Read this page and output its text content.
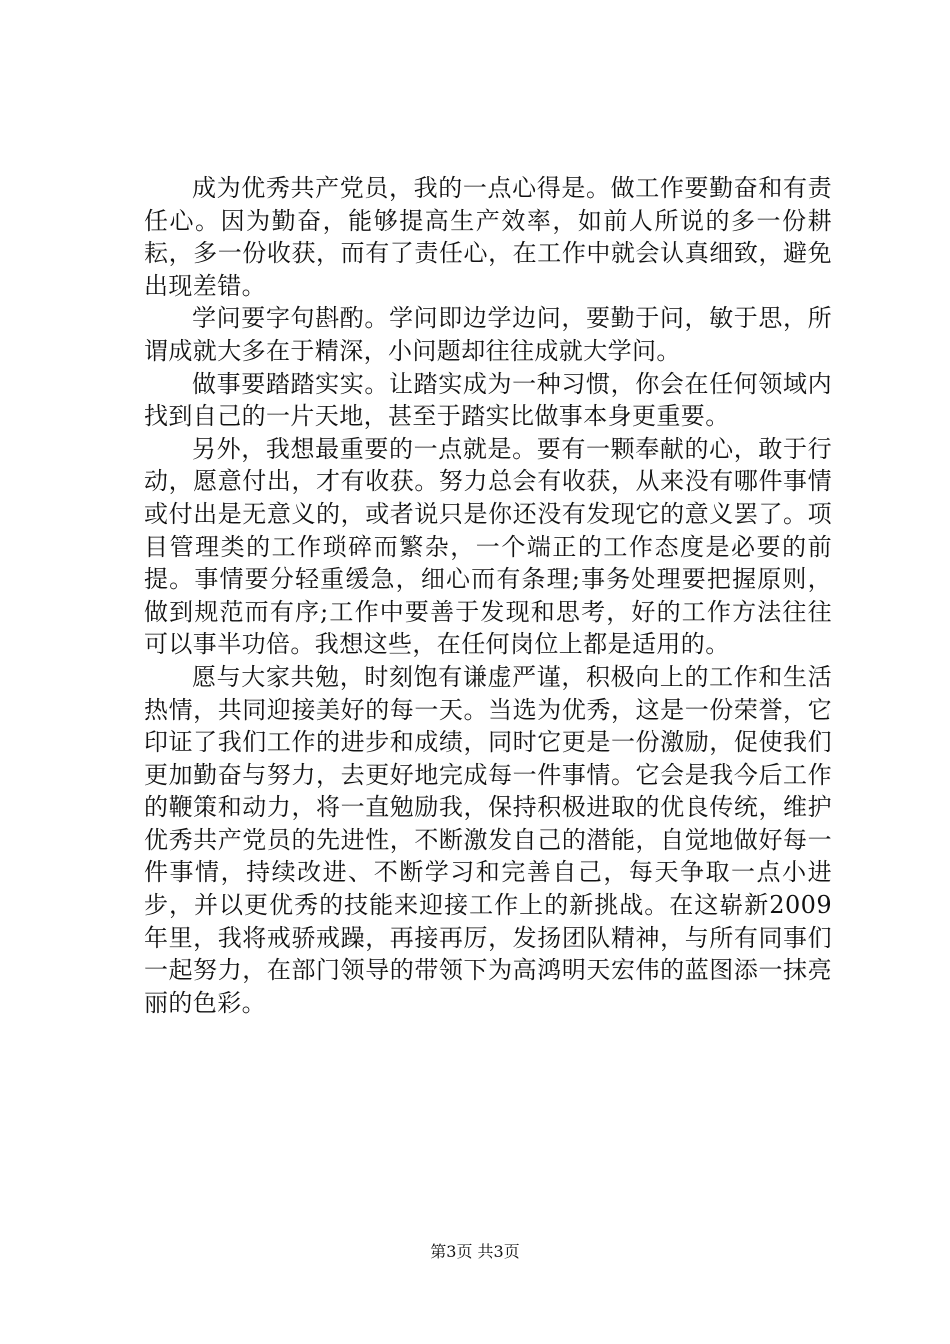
成为优秀共产党员，我的一点心得是。做工作要勤奋和有责任心。因为勤奋，能够提高生产效率，如前人所说的多一份耕耘，多一份收获，而有了责任心，在工作中就会认真细致，避免出现差错。

学问要字句斟酌。学问即边学边问，要勤于问，敏于思，所谓成就大多在于精深，小问题却往往成就大学问。

做事要踏踏实实。让踏实成为一种习惯，你会在任何领域内找到自己的一片天地，甚至于踏实比做事本身更重要。

另外，我想最重要的一点就是。要有一颗奉献的心，敢于行动，愿意付出，才有收获。努力总会有收获，从来没有哪件事情或付出是无意义的，或者说只是你还没有发现它的意义罢了。项目管理类的工作琐碎而繁杂，一个端正的工作态度是必要的前提。事情要分轻重缓急，细心而有条理;事务处理要把握原则，做到规范而有序;工作中要善于发现和思考，好的工作方法往往可以事半功倍。我想这些，在任何岗位上都是适用的。

愿与大家共勉，时刻饱有谦虚严谨，积极向上的工作和生活热情，共同迎接美好的每一天。当选为优秀，这是一份荣誉，它印证了我们工作的进步和成绩，同时它更是一份激励，促使我们更加勤奋与努力，去更好地完成每一件事情。它会是我今后工作的鞭策和动力，将一直勉励我，保持积极进取的优良传统，维护优秀共产党员的先进性，不断激发自己的潜能，自觉地做好每一件事情，持续改进、不断学习和完善自己，每天争取一点小进步，并以更优秀的技能来迎接工作上的新挑战。在这崭新2009年里，我将戒骄戒躁，再接再厉，发扬团队精神，与所有同事们一起努力，在部门领导的带领下为高鸿明天宏伟的蓝图添一抹亮丽的色彩。

第3页 共3页
